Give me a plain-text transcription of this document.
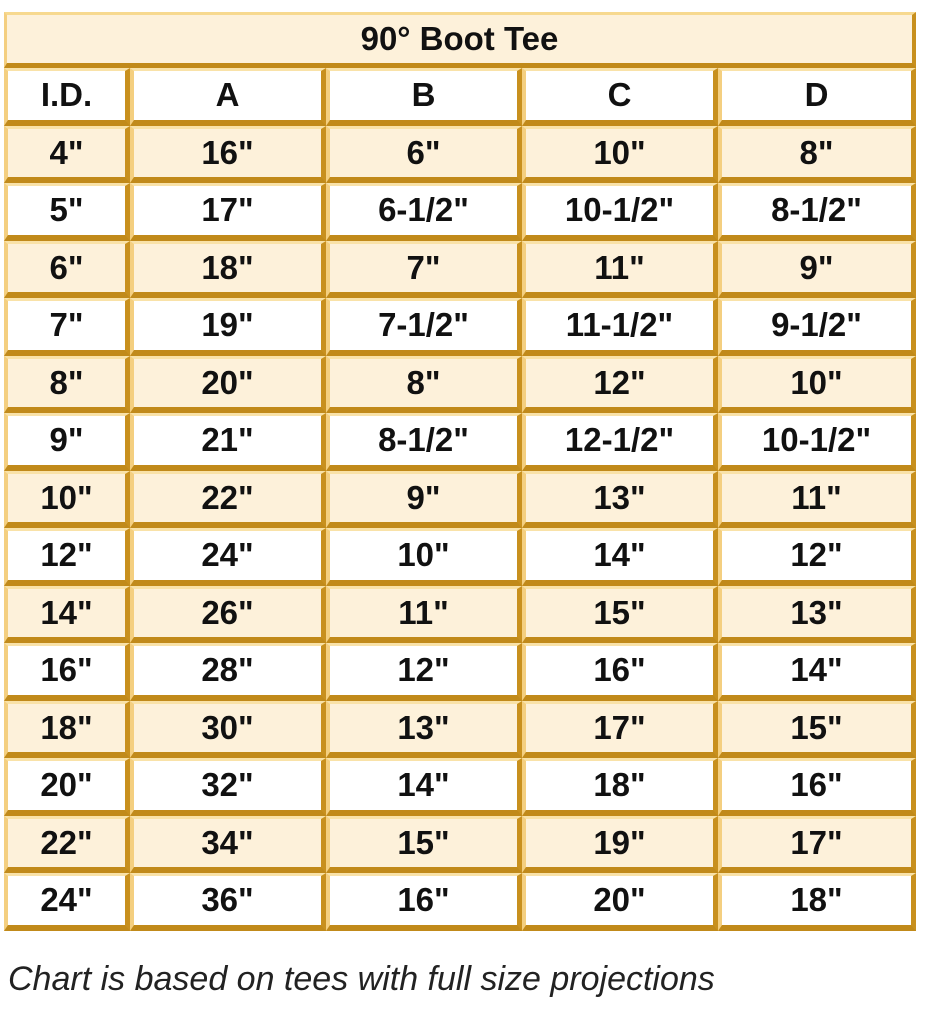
90° Boot Tee
I.D.	A	B	C	D
4"	16"	6"	10"	8"
5"	17"	6-1/2"	10-1/2"	8-1/2"
6"	18"	7"	11"	9"
7"	19"	7-1/2"	11-1/2"	9-1/2"
8"	20"	8"	12"	10"
9"	21"	8-1/2"	12-1/2"	10-1/2"
10"	22"	9"	13"	11"
12"	24"	10"	14"	12"
14"	26"	11"	15"	13"
16"	28"	12"	16"	14"
18"	30"	13"	17"	15"
20"	32"	14"	18"	16"
22"	34"	15"	19"	17"
24"	36"	16"	20"	18"
Chart is based on tees with full size projections
